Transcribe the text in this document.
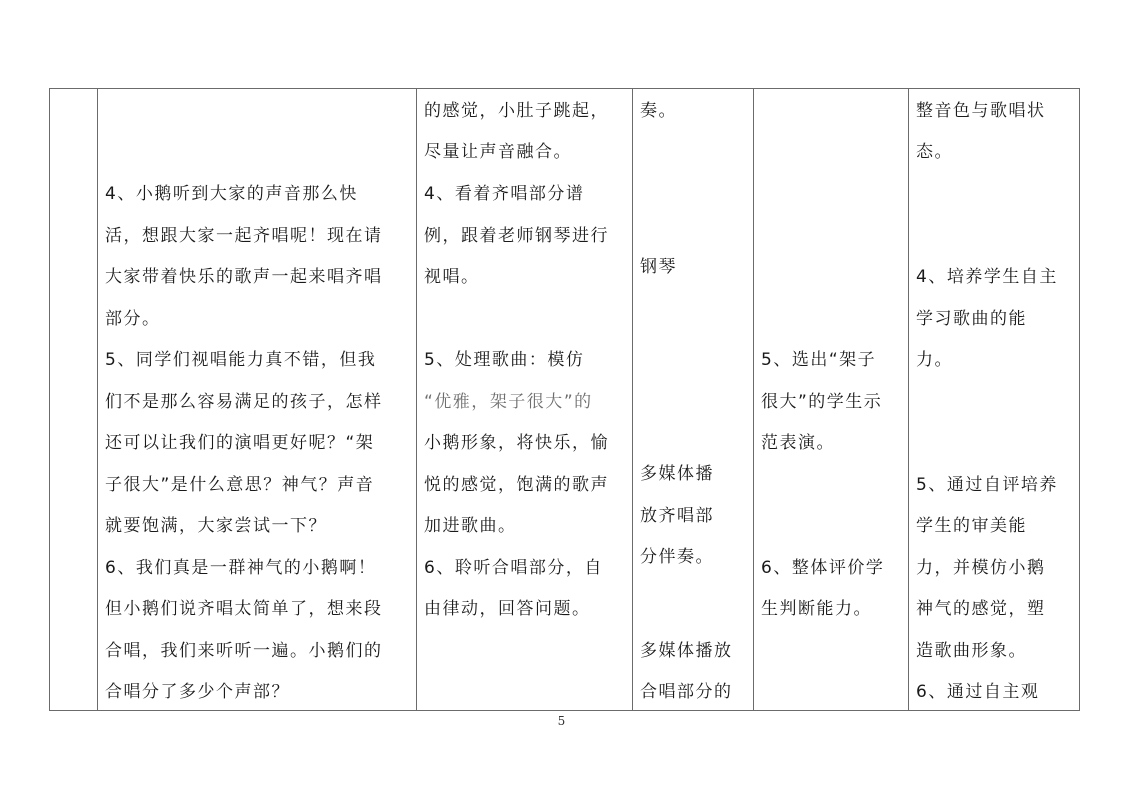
4、小鹅听到大家的声音那么快
活，想跟大家一起齐唱呢！现在请
大家带着快乐的歌声一起来唱齐唱
部分。
5、同学们视唱能力真不错，但我
们不是那么容易满足的孩子，怎样
还可以让我们的演唱更好呢？“架
子很大”是什么意思？神气？声音
就要饱满，大家尝试一下？
6、我们真是一群神气的小鹅啊！
但小鹅们说齐唱太简单了，想来段
合唱，我们来听听一遍。小鹅们的
合唱分了多少个声部？
的感觉，小肚子跳起，
尽量让声音融合。
4、看着齐唱部分谱
例，跟着老师钢琴进行
视唱。
5、处理歌曲：模仿
“优雅，架子很大”的
小鹅形象，将快乐，愉
悦的感觉，饱满的歌声
加进歌曲。
6、聆听合唱部分，自
由律动，回答问题。
奏。
钢琴
多媒体播
放齐唱部
分伴奏。
多媒体播放
合唱部分的
5、选出“架子
很大”的学生示
范表演。
6、整体评价学
生判断能力。
整音色与歌唱状
态。
4、培养学生自主
学习歌曲的能
力。
5、通过自评培养
学生的审美能
力，并模仿小鹅
神气的感觉，塑
造歌曲形象。
6、通过自主观
5
